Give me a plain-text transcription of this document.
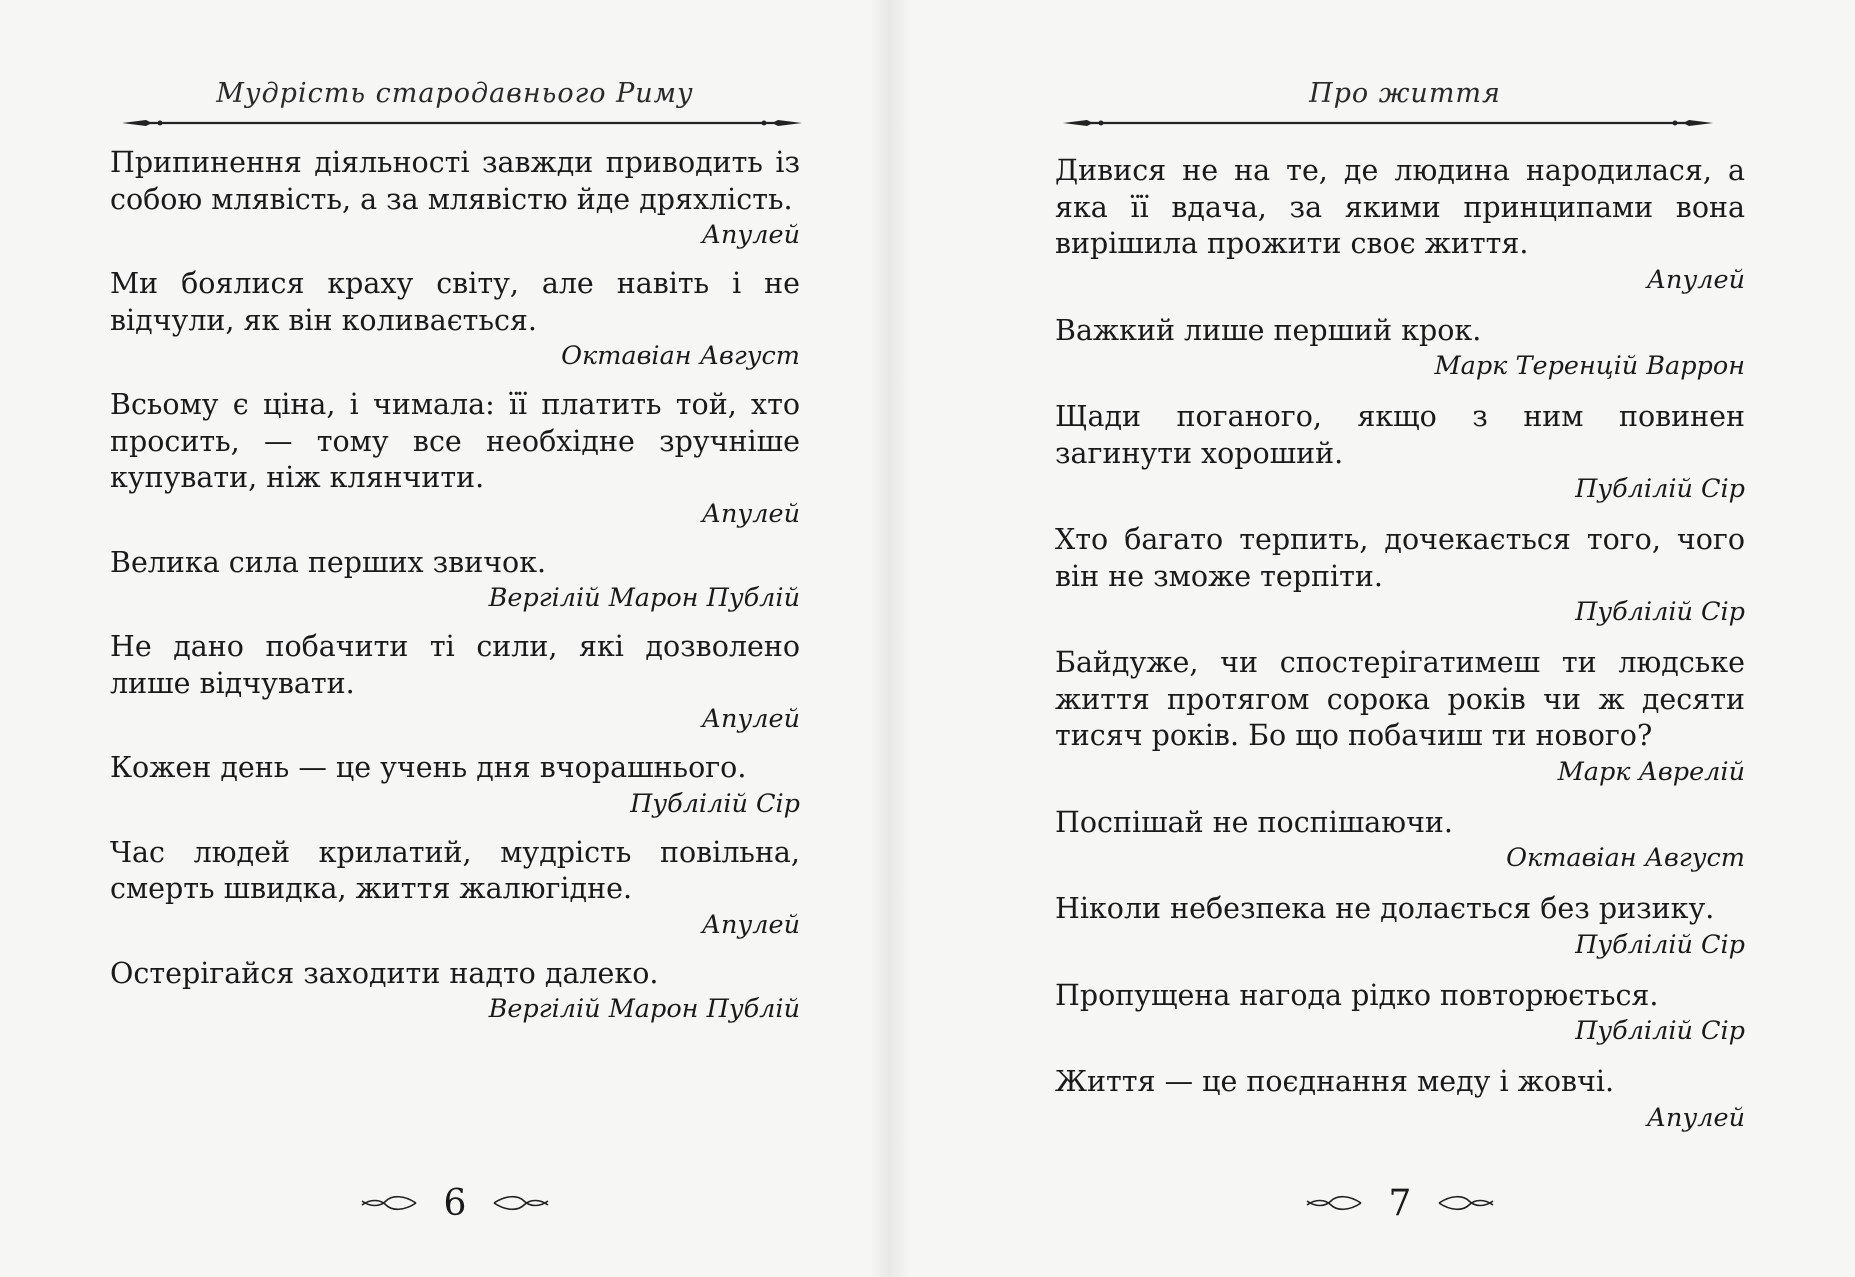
Мудрість стародавнього Риму

Припинення діяльності завжди приводить із собою млявість, а за млявістю йде дряхлість.

Апулей

Ми боялися краху світу, але навіть і не відчули, як він коливається.

Октавіан Август

Всьому є ціна, і чимала: її платить той, хто просить, — тому все необхідне зручніше купувати, ніж клянчити.

Апулей

Велика сила перших звичок.

Вергілій Марон Публій

Не дано побачити ті сили, які дозволено лише відчувати.

Апулей

Кожен день — це учень дня вчорашнього.

Публілій Сір

Час людей крилатий, мудрість повільна, смерть швидка, життя жалюгідне.

Апулей

Остерігайся заходити надто далеко.

Вергілій Марон Публій

6
Про життя

Дивися не на те, де людина народилася, а яка її вдача, за якими принципами вона вирішила прожити своє життя.

Апулей

Важкий лише перший крок.

Марк Теренцій Варрон

Щади поганого, якщо з ним повинен загинути хороший.

Публілій Сір

Хто багато терпить, дочекається того, чого він не зможе терпіти.

Публілій Сір

Байдуже, чи спостерігатимеш ти людське життя протягом сорока років чи ж десяти тисяч років. Бо що побачиш ти нового?

Марк Аврелій

Поспішай не поспішаючи.

Октавіан Август

Ніколи небезпека не долається без ризику.

Публілій Сір

Пропущена нагода рідко повторюється.

Публілій Сір

Життя — це поєднання меду і жовчі.

Апулей

7
